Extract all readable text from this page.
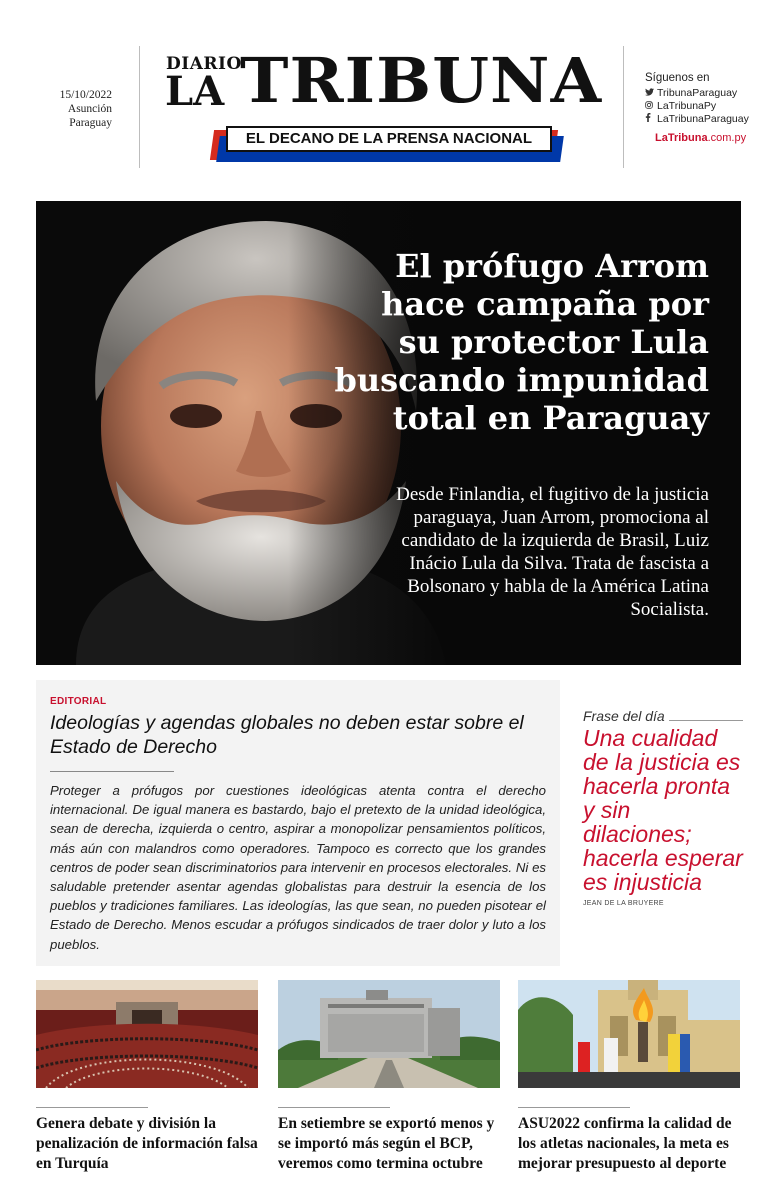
15/10/2022
Asunción
Paraguay
DIARIO
LA TRIBUNA
EL DECANO DE LA PRENSA NACIONAL
Síguenos en
TribunaParaguay
LaTribunaPy
LaTribunaParaguay
LaTribuna.com.py
El prófugo Arrom hace campaña por su protector Lula buscando impunidad total en Paraguay
Desde Finlandia, el fugitivo de la justicia paraguaya, Juan Arrom, promociona al candidato de la izquierda de Brasil, Luiz Inácio Lula da Silva. Trata de fascista a Bolsonaro y habla de la América Latina Socialista.
EDITORIAL
Ideologías y agendas globales no deben estar sobre el Estado de Derecho
Proteger a prófugos por cuestiones ideológicas atenta contra el derecho internacional. De igual manera es bastardo, bajo el pretexto de la unidad ideológica, sean de derecha, izquierda o centro, aspirar a monopolizar pensamientos políticos, más aún con malandros como operadores. Tampoco es correcto que los grandes centros de poder sean discriminatorios para intervenir en procesos electorales. Ni es saludable pretender asentar agendas globalistas para destruir la esencia de los pueblos y tradiciones familiares. Las ideologías, las que sean, no pueden pisotear el Estado de Derecho. Menos escudar a prófugos sindicados de traer dolor y luto a los pueblos.
Frase del día
Una cualidad de la justicia es hacerla pronta y sin dilaciones; hacerla esperar es injusticia
JEAN DE LA BRUYERE
Genera debate y división la penalización de información falsa en Turquía
En setiembre se exportó menos y se importó más según el BCP, veremos como termina octubre
ASU2022 confirma la calidad de los atletas nacionales, la meta es mejorar presupuesto al deporte
